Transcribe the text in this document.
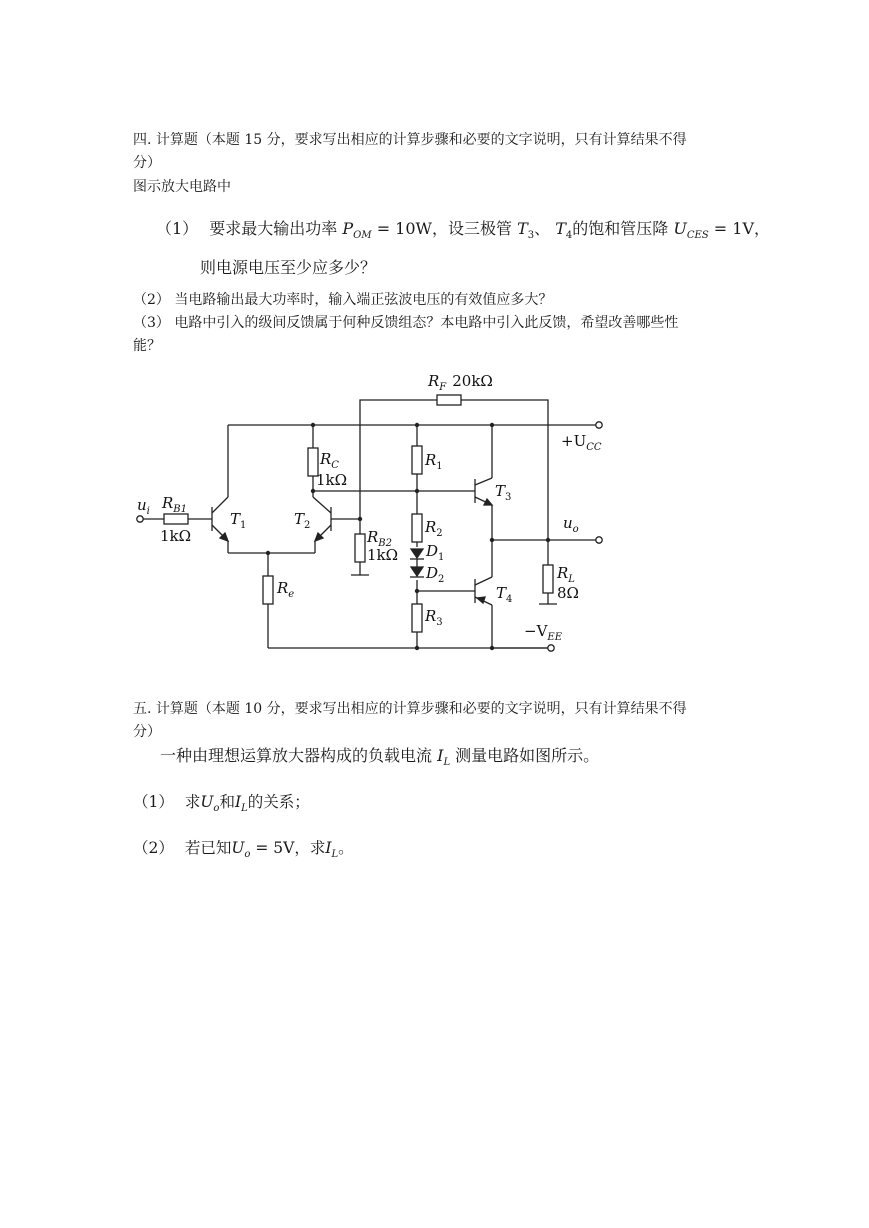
四. 计算题（本题 15 分，要求写出相应的计算步骤和必要的文字说明，只有计算结果不得
分）
图示放大电路中
（1） 要求最大输出功率 $P_{OM} = 10W$，设三极管 $T_3$、 $T_4$的饱和管压降 $U_{CES} = 1V$，
则电源电压至少应多少？
（2） 当电路输出最大功率时，输入端正弦波电压的有效值应多大？
（3） 电路中引入的级间反馈属于何种反馈组态？本电路中引入此反馈，希望改善哪些性
能？
$R_F$ 20kΩ
$+U_{CC}$
$R_C$
1kΩ
$R_1$
$T_3$
$u_i$ $R_{B1}$
1kΩ
$T_1$	$T_2$	$R_2$
$R_{B2}$
1kΩ $D_1$
$D_2$
$u_o$
$R_e$
$R_L$
8Ω
$T_4$
$R_3$	$-V_{EE}$
五. 计算题（本题 10 分，要求写出相应的计算步骤和必要的文字说明，只有计算结果不得
分）
一种由理想运算放大器构成的负载电流 $I_L$ 测量电路如图所示。
（1） 求$U_o$和$I_L$的关系；
（2） 若已知$U_o = 5V$，求$I_L$。
